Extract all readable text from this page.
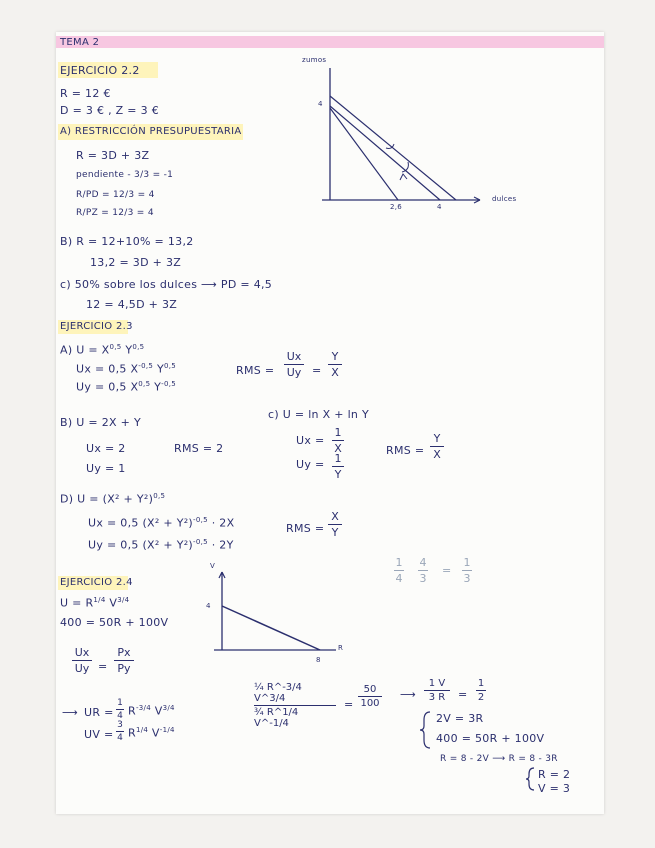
TEMA 2
EJERCICIO 2.2
R = 12 €
D = 3 € , Z = 3 €
A) RESTRICCIÓN PRESUPUESTARIA
R = 3D + 3Z
pendiente - 3/3 = -1
R/PD = 12/3 = 4
R/PZ = 12/3 = 4
B) R = 12+10% = 13,2
13,2 = 3D + 3Z
c) 50% sobre los dulces ⟶ PD = 4,5
12 = 4,5D + 3Z
zumos
dulces
4
2,6	4
EJERCICIO 2.3
A) U = X$^{0,5}$ Y$^{0,5}$
Ux = 0,5 $X^{-0,5}$ Y$^{0,5}$
Uy = 0,5 X$^{0,5}$ $Y^{-0,5}$
RMS =
Ux
Uy =
Y
X
B) U = 2X + Y
Ux = 2
Uy = 1
RMS = 2
c) U = ln X + ln Y
Ux =
1
X
Uy = 1
Y
RMS =
Y
X
D) $U = (X^2 + Y^2)^{0,5}$
Ux = 0,5 $(X^2 + Y^2)^{-0,5} \cdot 2X$
Uy = 0,5 $(X^2 + Y^2)^{-0,5} \cdot 2Y$
RMS =
X
Y
1
4
4
3
=
1
3
EJERCICIO 2.4
$U = R^{1/4}$ $V^{3/4}$
400 = 50R + 100V
V
R
4
8
Ux
Uy =
Px
Py
⟶ UR =
1
4 $R^{-3/4}$ $V^{3/4}$
UV =
3
4 $R^{1/4}$ $V^{-1/4}$
¼ R^-3/4 V^3/4
¾ R^1/4 V^-1/4
=
50
100
⟶
1 V
3 R =
1
2
2V = 3R
400 = 50R + 100V
R = 8 - 2V ⟶ R = 8 - 3R
R = 2
V = 3
